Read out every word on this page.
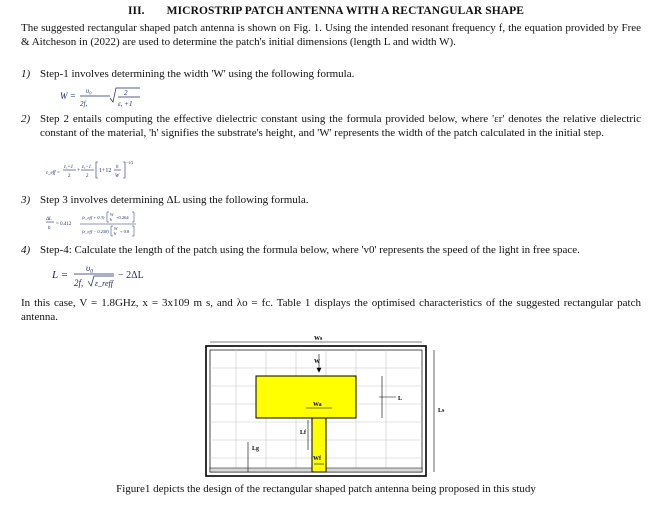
III. MICROSTRIP PATCH ANTENNA WITH A RECTANGULAR SHAPE
The suggested rectangular shaped patch antenna is shown on Fig. 1. Using the intended resonant frequency f, the equation provided by Free & Aitcheson in (2022) are used to determine the patch's initial dimensions (length L and width W).
1) Step-1 involves determining the width 'W' using the following formula.
W = υ₀
2f,
2
ε, +1
2) Step 2 entails computing the effective dielectric constant using the formula provided below, where 'εr' denotes the relative dielectric constant of the material, 'h' signifies the substrate's height, and 'W' represents the width of the patch calculated in the initial step.
ε_eff =
ε,+1
2
+
ε,−1
2
1+12
h
W
−1/2
3) Step 3 involves determining ΔL using the following formula.
ΔL
h
= 0.412
(ε_eff + 0.3)
W
h +0.264
(ε_eff − 0.258)
W
h + 0.8
4) Step-4: Calculate the length of the patch using the formula below, where 'v0' represents the speed of the light in free space.
L =
υ₀
2f, ε_reff
− 2ΔL
In this case, V = 1.8GHz, x = 3x109 m s, and λo = fc. Table 1 displays the optimised characteristics of the suggested rectangular patch antenna.
Ws
W
Wa
L
Ls
Lf
Lg
Wf
Figure1 depicts the design of the rectangular shaped patch antenna being proposed in this study
